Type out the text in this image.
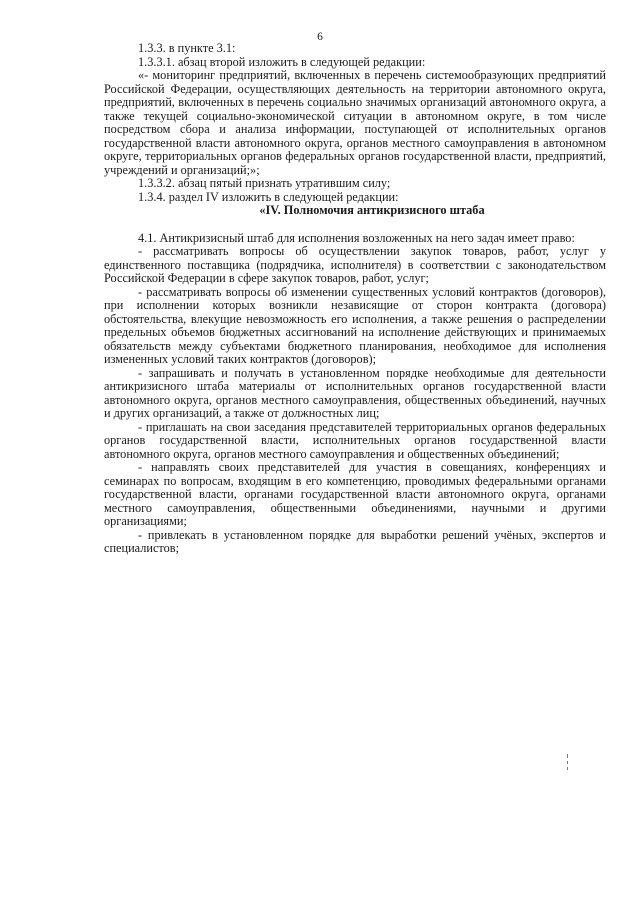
6

1.3.3. в пункте 3.1:

1.3.3.1. абзац второй изложить в следующей редакции:

«- мониторинг предприятий, включенных в перечень системообразующих предприятий Российской Федерации, осуществляющих деятельность на территории автономного округа, предприятий, включенных в перечень социально значимых организаций автономного округа, а также текущей социально-экономической ситуации в автономном округе, в том числе посредством сбора и анализа информации, поступающей от исполнительных органов государственной власти автономного округа, органов местного самоуправления в автономном округе, территориальных органов федеральных органов государственной власти, предприятий, учреждений и организаций;»;

1.3.3.2. абзац пятый признать утратившим силу;

1.3.4. раздел IV изложить в следующей редакции:

«IV. Полномочия антикризисного штаба

4.1. Антикризисный штаб для исполнения возложенных на него задач имеет право:

- рассматривать вопросы об осуществлении закупок товаров, работ, услуг у единственного поставщика (подрядчика, исполнителя) в соответствии с законодательством Российской Федерации в сфере закупок товаров, работ, услуг;

- рассматривать вопросы об изменении существенных условий контрактов (договоров), при исполнении которых возникли независящие от сторон контракта (договора) обстоятельства, влекущие невозможность его исполнения, а также решения о распределении предельных объемов бюджетных ассигнований на исполнение действующих и принимаемых обязательств между субъектами бюджетного планирования, необходимое для исполнения измененных условий таких контрактов (договоров);

- запрашивать и получать в установленном порядке необходимые для деятельности антикризисного штаба материалы от исполнительных органов государственной власти автономного округа, органов местного самоуправления, общественных объединений, научных и других организаций, а также от должностных лиц;

- приглашать на свои заседания представителей территориальных органов федеральных органов государственной власти, исполнительных органов государственной власти автономного округа, органов местного самоуправления и общественных объединений;

- направлять своих представителей для участия в совещаниях, конференциях и семинарах по вопросам, входящим в его компетенцию, проводимых федеральными органами государственной власти, органами государственной власти автономного округа, органами местного самоуправления, общественными объединениями, научными и другими организациями;

- привлекать в установленном порядке для выработки решений учёных, экспертов и специалистов;
